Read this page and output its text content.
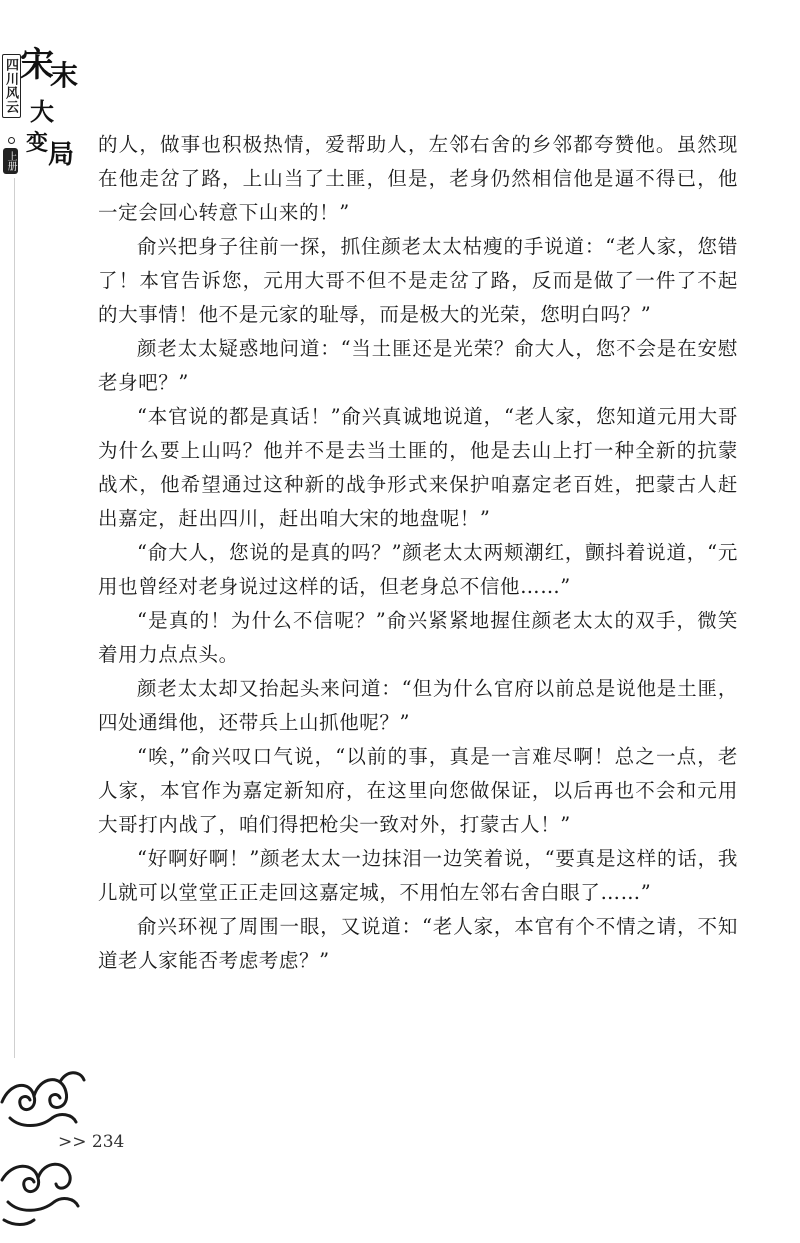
四川风云
上册
宋
末
大
变 局 的人，做事也积极热情，爱帮助人，左邻右舍的乡邻都夸赞他。虽然现在他走岔了路，上山当了土匪，但是，老身仍然相信他是逼不得已，他一定会回心转意下山来的！”

俞兴把身子往前一探，抓住颜老太太枯瘦的手说道：“老人家，您错了！本官告诉您，元用大哥不但不是走岔了路，反而是做了一件了不起的大事情！他不是元家的耻辱，而是极大的光荣，您明白吗？”

颜老太太疑惑地问道：“当土匪还是光荣？俞大人，您不会是在安慰老身吧？”

“本官说的都是真话！”俞兴真诚地说道，“老人家，您知道元用大哥为什么要上山吗？他并不是去当土匪的，他是去山上打一种全新的抗蒙战术，他希望通过这种新的战争形式来保护咱嘉定老百姓，把蒙古人赶出嘉定，赶出四川，赶出咱大宋的地盘呢！”

“俞大人，您说的是真的吗？”颜老太太两颊潮红，颤抖着说道，“元用也曾经对老身说过这样的话，但老身总不信他……”

“是真的！为什么不信呢？”俞兴紧紧地握住颜老太太的双手，微笑着用力点点头。

颜老太太却又抬起头来问道：“但为什么官府以前总是说他是土匪，四处通缉他，还带兵上山抓他呢？”

“唉，”俞兴叹口气说，“以前的事，真是一言难尽啊！总之一点，老人家，本官作为嘉定新知府，在这里向您做保证，以后再也不会和元用大哥打内战了，咱们得把枪尖一致对外，打蒙古人！”

“好啊好啊！”颜老太太一边抹泪一边笑着说，“要真是这样的话，我儿就可以堂堂正正走回这嘉定城，不用怕左邻右舍白眼了……”

俞兴环视了周围一眼，又说道：“老人家，本官有个不情之请，不知道老人家能否考虑考虑？”

>> 234
